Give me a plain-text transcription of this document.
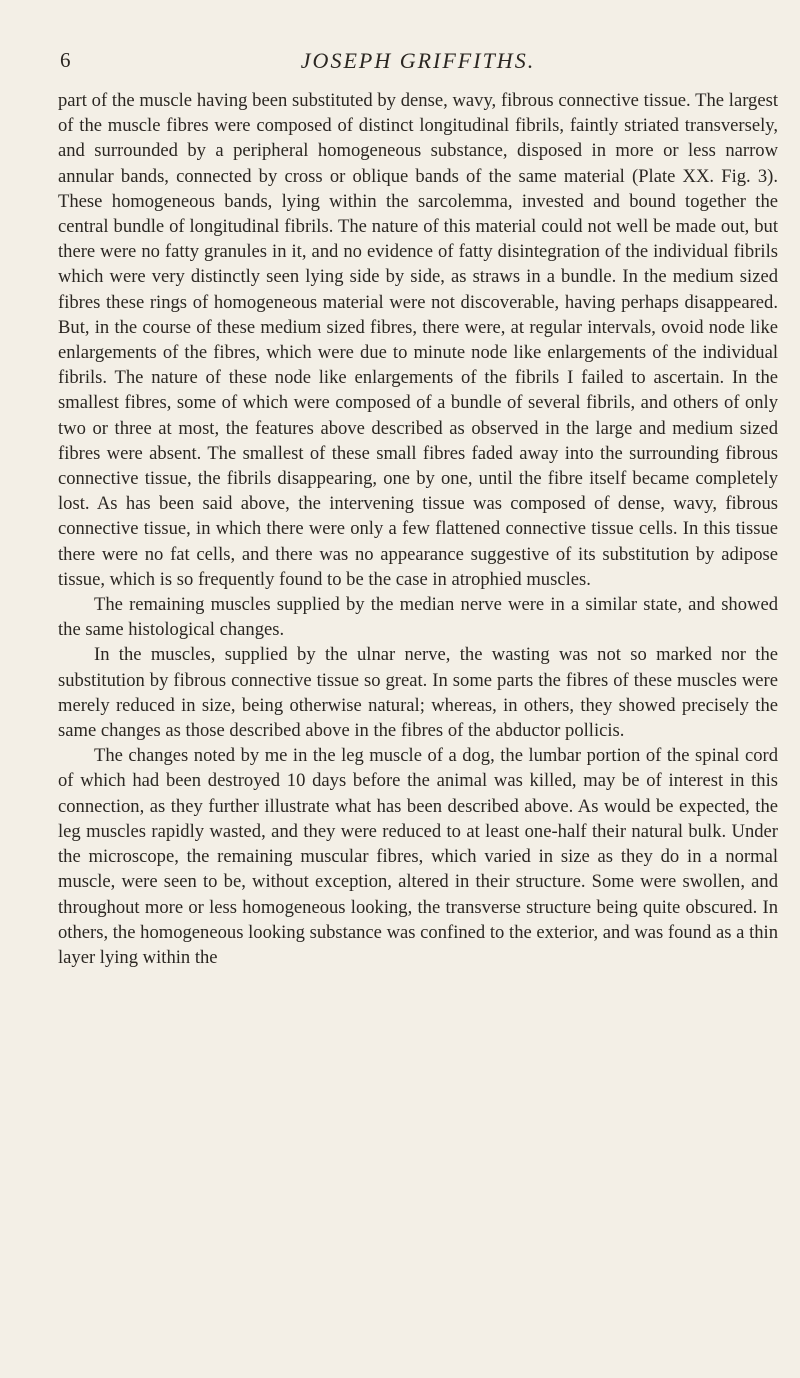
6	JOSEPH GRIFFITHS.

part of the muscle having been substituted by dense, wavy, fibrous connective tissue. The largest of the muscle fibres were composed of distinct longitudinal fibrils, faintly striated transversely, and surrounded by a peripheral homogeneous substance, disposed in more or less narrow annular bands, connected by cross or oblique bands of the same material (Plate XX. Fig. 3). These homogeneous bands, lying within the sarcolemma, invested and bound together the central bundle of longitudinal fibrils. The nature of this material could not well be made out, but there were no fatty granules in it, and no evidence of fatty disintegration of the individual fibrils which were very distinctly seen lying side by side, as straws in a bundle. In the medium sized fibres these rings of homogeneous material were not discoverable, having perhaps disappeared. But, in the course of these medium sized fibres, there were, at regular intervals, ovoid node like enlargements of the fibres, which were due to minute node like enlargements of the individual fibrils. The nature of these node like enlargements of the fibrils I failed to ascertain. In the smallest fibres, some of which were composed of a bundle of several fibrils, and others of only two or three at most, the features above described as observed in the large and medium sized fibres were absent. The smallest of these small fibres faded away into the surrounding fibrous connective tissue, the fibrils disappearing, one by one, until the fibre itself became completely lost. As has been said above, the intervening tissue was composed of dense, wavy, fibrous connective tissue, in which there were only a few flattened connective tissue cells. In this tissue there were no fat cells, and there was no appearance suggestive of its substitution by adipose tissue, which is so frequently found to be the case in atrophied muscles.

The remaining muscles supplied by the median nerve were in a similar state, and showed the same histological changes.

In the muscles, supplied by the ulnar nerve, the wasting was not so marked nor the substitution by fibrous connective tissue so great. In some parts the fibres of these muscles were merely reduced in size, being otherwise natural; whereas, in others, they showed precisely the same changes as those described above in the fibres of the abductor pollicis.

The changes noted by me in the leg muscle of a dog, the lumbar portion of the spinal cord of which had been destroyed 10 days before the animal was killed, may be of interest in this connection, as they further illustrate what has been described above. As would be expected, the leg muscles rapidly wasted, and they were reduced to at least one-half their natural bulk. Under the microscope, the remaining muscular fibres, which varied in size as they do in a normal muscle, were seen to be, without exception, altered in their structure. Some were swollen, and throughout more or less homogeneous looking, the transverse structure being quite obscured. In others, the homogeneous looking substance was confined to the exterior, and was found as a thin layer lying within the
